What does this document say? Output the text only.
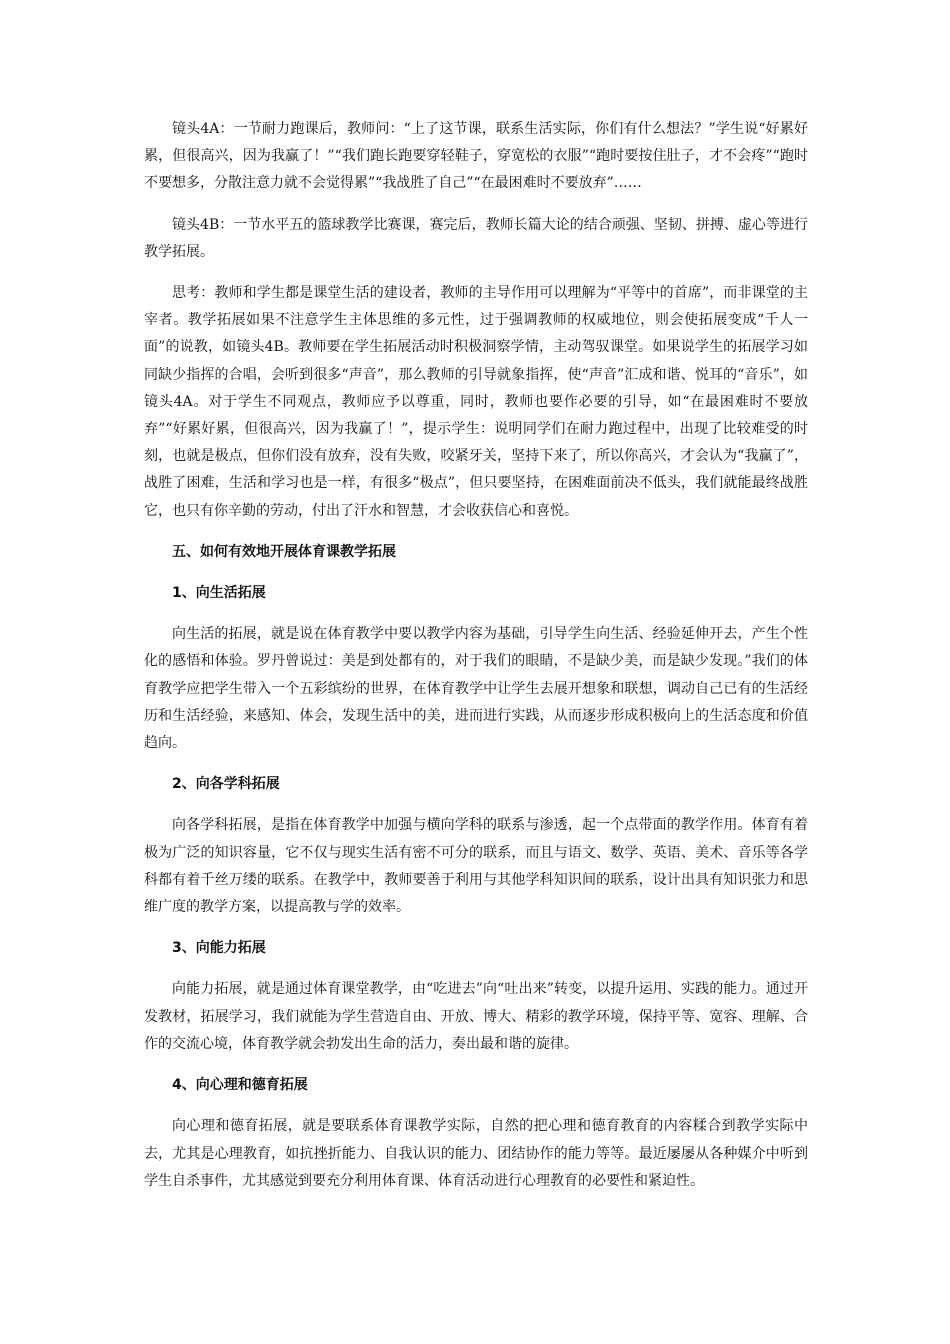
镜头4A：一节耐力跑课后，教师问：“上了这节课，联系生活实际，你们有什么想法？”学生说“好累好累，但很高兴，因为我赢了！”“我们跑长跑要穿轻鞋子，穿宽松的衣服”“跑时要按住肚子，才不会疼”“跑时不要想多，分散注意力就不会觉得累”“我战胜了自己”“在最困难时不要放弃”……

镜头4B：一节水平五的篮球教学比赛课，赛完后，教师长篇大论的结合顽强、坚韧、拼搏、虚心等进行教学拓展。

思考：教师和学生都是课堂生活的建设者，教师的主导作用可以理解为“平等中的首席”，而非课堂的主宰者。教学拓展如果不注意学生主体思维的多元性，过于强调教师的权威地位，则会使拓展变成“千人一面”的说教，如镜头4B。教师要在学生拓展活动时积极洞察学情，主动驾驭课堂。如果说学生的拓展学习如同缺少指挥的合唱，会听到很多“声音”，那么教师的引导就象指挥，使“声音”汇成和谐、悦耳的“音乐”，如镜头4A。对于学生不同观点，教师应予以尊重，同时，教师也要作必要的引导，如“在最困难时不要放弃”“好累好累，但很高兴，因为我赢了！”，提示学生：说明同学们在耐力跑过程中，出现了比较难受的时刻，也就是极点，但你们没有放弃，没有失败，咬紧牙关，坚持下来了，所以你高兴，才会认为“我赢了”，战胜了困难，生活和学习也是一样，有很多“极点”，但只要坚持，在困难面前决不低头，我们就能最终战胜它，也只有你辛勤的劳动，付出了汗水和智慧，才会收获信心和喜悦。

五、如何有效地开展体育课教学拓展
1、向生活拓展

向生活的拓展，就是说在体育教学中要以教学内容为基础，引导学生向生活、经验延伸开去，产生个性化的感悟和体验。罗丹曾说过：美是到处都有的，对于我们的眼睛，不是缺少美，而是缺少发现。”我们的体育教学应把学生带入一个五彩缤纷的世界，在体育教学中让学生去展开想象和联想，调动自己已有的生活经历和生活经验，来感知、体会，发现生活中的美，进而进行实践，从而逐步形成积极向上的生活态度和价值趋向。

2、向各学科拓展

向各学科拓展，是指在体育教学中加强与横向学科的联系与渗透，起一个点带面的教学作用。体育有着极为广泛的知识容量，它不仅与现实生活有密不可分的联系，而且与语文、数学、英语、美术、音乐等各学科都有着千丝万缕的联系。在教学中，教师要善于利用与其他学科知识间的联系，设计出具有知识张力和思维广度的教学方案，以提高教与学的效率。

3、向能力拓展

向能力拓展，就是通过体育课堂教学，由“吃进去”向“吐出来”转变，以提升运用、实践的能力。通过开发教材，拓展学习，我们就能为学生营造自由、开放、博大、精彩的教学环境，保持平等、宽容、理解、合作的交流心境，体育教学就会勃发出生命的活力，奏出最和谐的旋律。

4、向心理和德育拓展

向心理和德育拓展，就是要联系体育课教学实际，自然的把心理和德育教育的内容糅合到教学实际中去，尤其是心理教育，如抗挫折能力、自我认识的能力、团结协作的能力等等。最近屡屡从各种媒介中听到学生自杀事件，尤其感觉到要充分利用体育课、体育活动进行心理教育的必要性和紧迫性。
